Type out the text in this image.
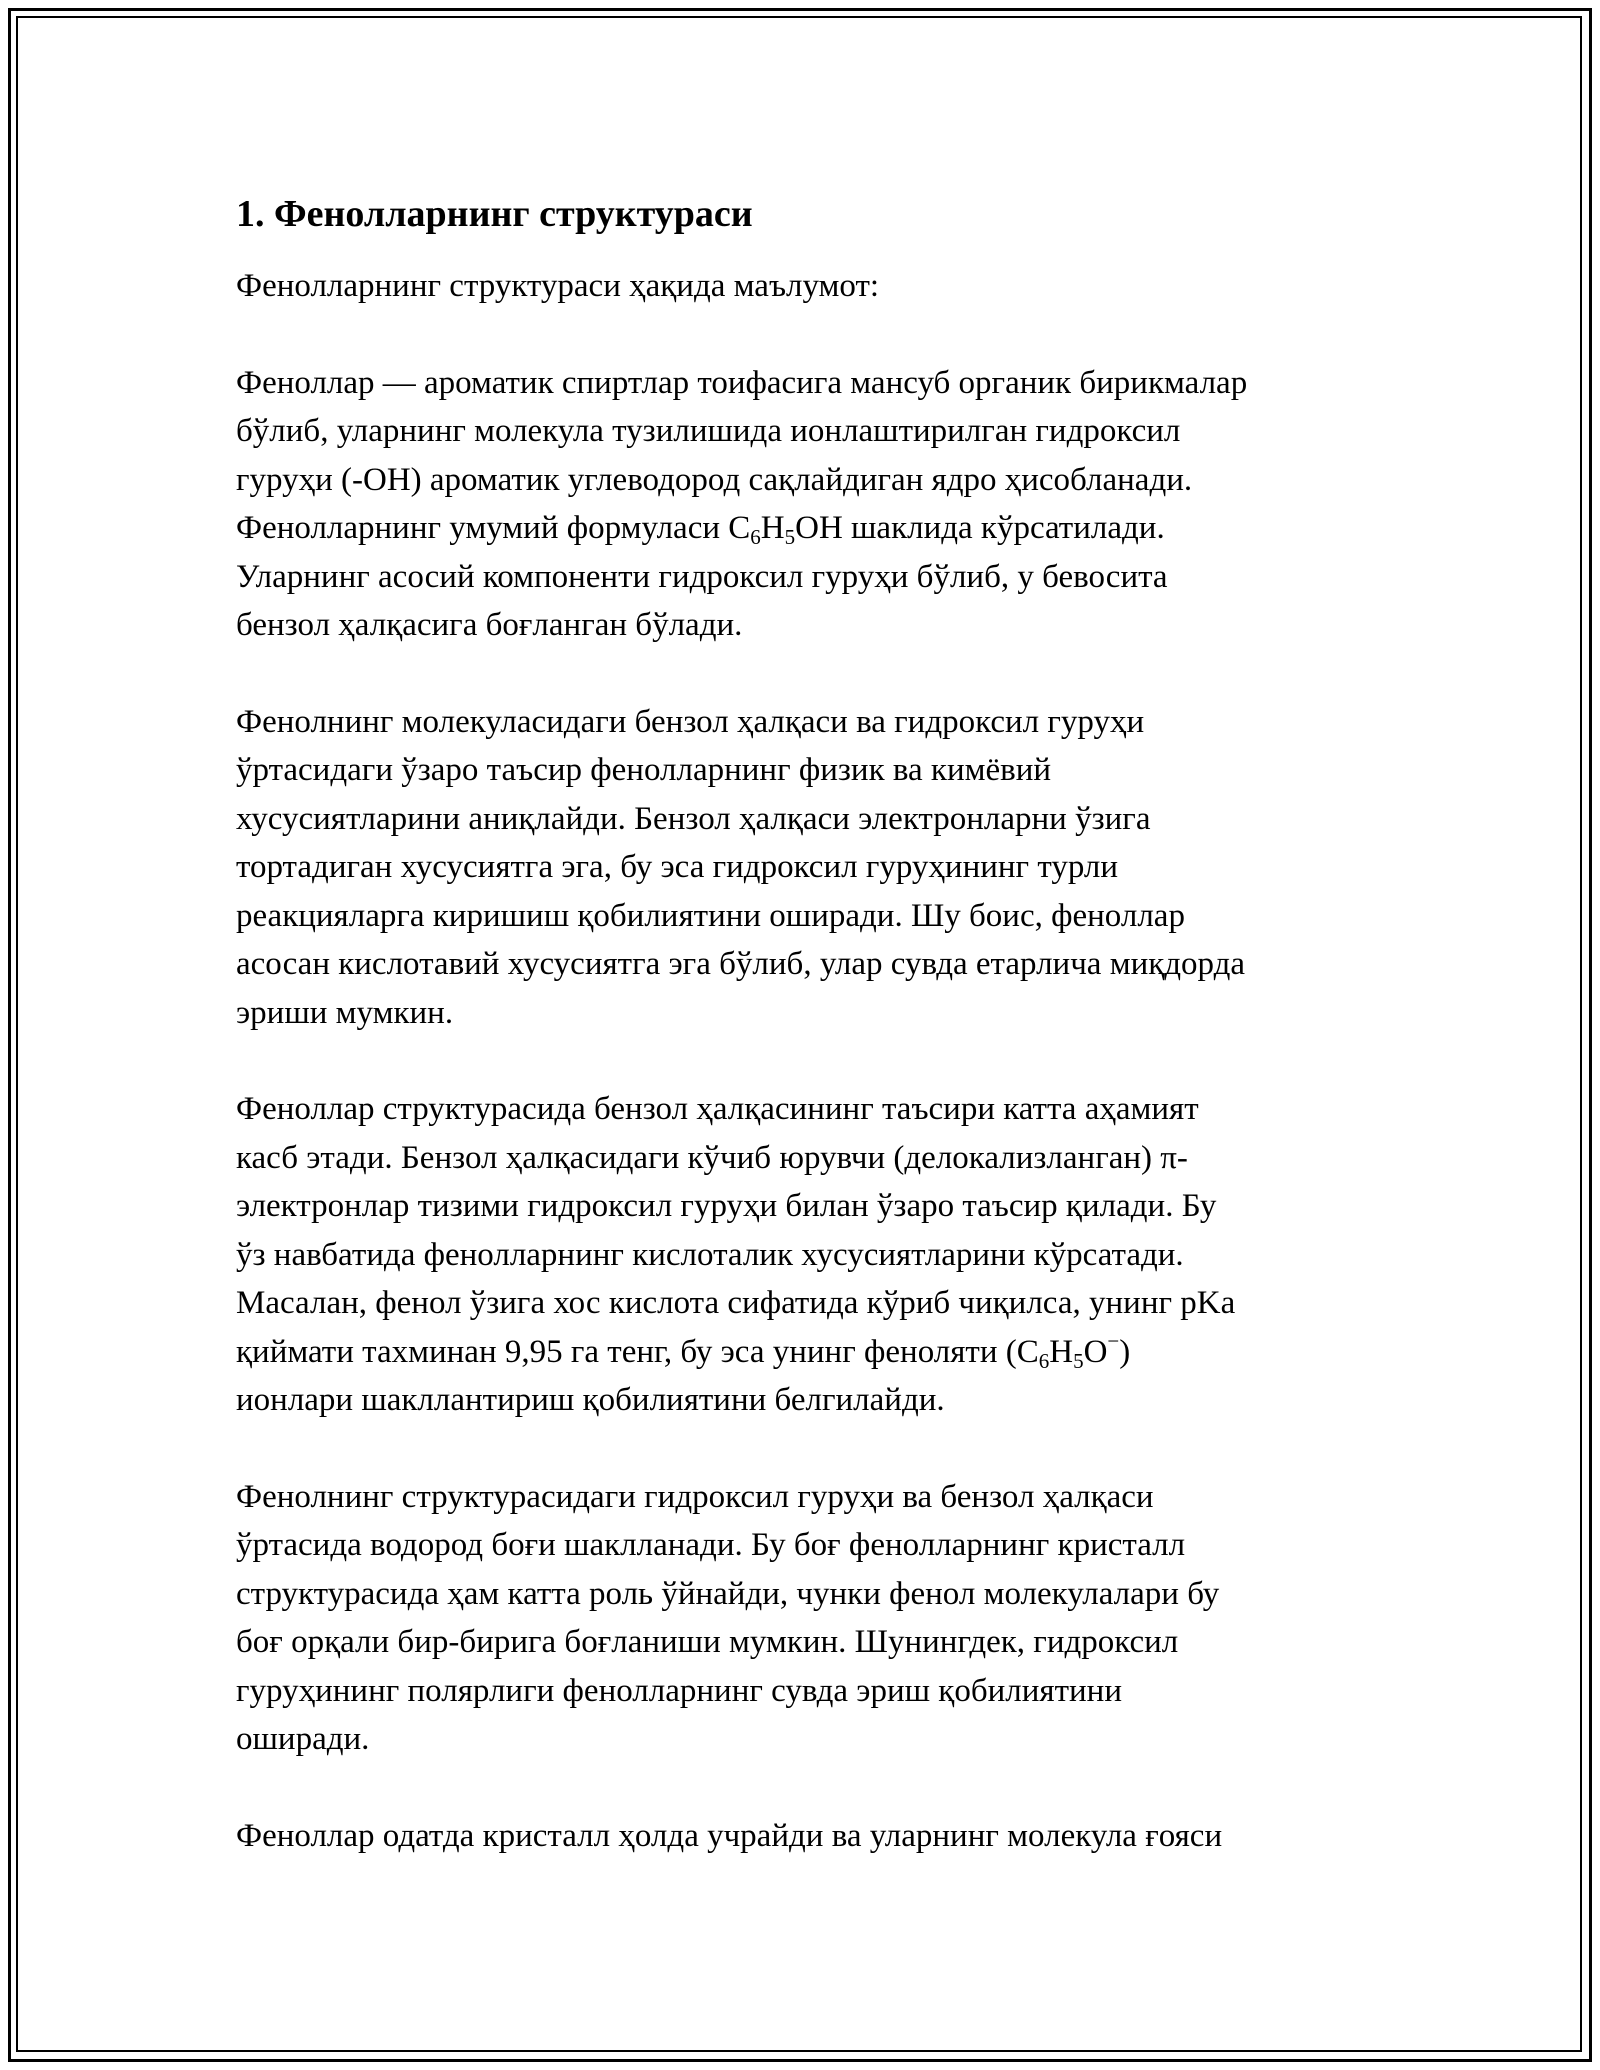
1. Фенолларнинг структураси

Фенолларнинг структураси ҳақида маълумот:

Феноллар — ароматик спиртлар тоифасига мансуб органик бирикмалар
бўлиб, уларнинг молекула тузилишида ионлаштирилган гидроксил
гуруҳи (-OH) ароматик углеводород сақлайдиган ядро ҳисобланади.
Фенолларнинг умумий формуласи $C_6H_5OH$ шаклида кўрсатилади.
Уларнинг асосий компоненти гидроксил гуруҳи бўлиб, у бевосита
бензол ҳалқасига боғланган бўлади.

Фенолнинг молекуласидаги бензол ҳалқаси ва гидроксил гуруҳи
ўртасидаги ўзаро таъсир фенолларнинг физик ва кимёвий
хусусиятларини аниқлайди. Бензол ҳалқаси электронларни ўзига
тортадиган хусусиятга эга, бу эса гидроксил гуруҳининг турли
реакцияларга киришиш қобилиятини оширади. Шу боис, феноллар
асосан кислотавий хусусиятга эга бўлиб, улар сувда етарлича миқдорда
эриши мумкин.

Феноллар структурасида бензол ҳалқасининг таъсири катта аҳамият
касб этади. Бензол ҳалқасидаги кўчиб юрувчи (делокализланган) π-
электронлар тизими гидроксил гуруҳи билан ўзаро таъсир қилади. Бу
ўз навбатида фенолларнинг кислоталик хусусиятларини кўрсатади.
Масалан, фенол ўзига хос кислота сифатида кўриб чиқилса, унинг pKa
қиймати тахминан 9,95 га тенг, бу эса унинг феноляти $(C_6H_5O^-)$
ионлари шакллантириш қобилиятини белгилайди.

Фенолнинг структурасидаги гидроксил гуруҳи ва бензол ҳалқаси
ўртасида водород боғи шаклланади. Бу боғ фенолларнинг кристалл
структурасида ҳам катта роль ўйнайди, чунки фенол молекулалари бу
боғ орқали бир-бирига боғланиши мумкин. Шунингдек, гидроксил
гуруҳининг полярлиги фенолларнинг сувда эриш қобилиятини
оширади.

Феноллар одатда кристалл ҳолда учрайди ва уларнинг молекула ғояси
